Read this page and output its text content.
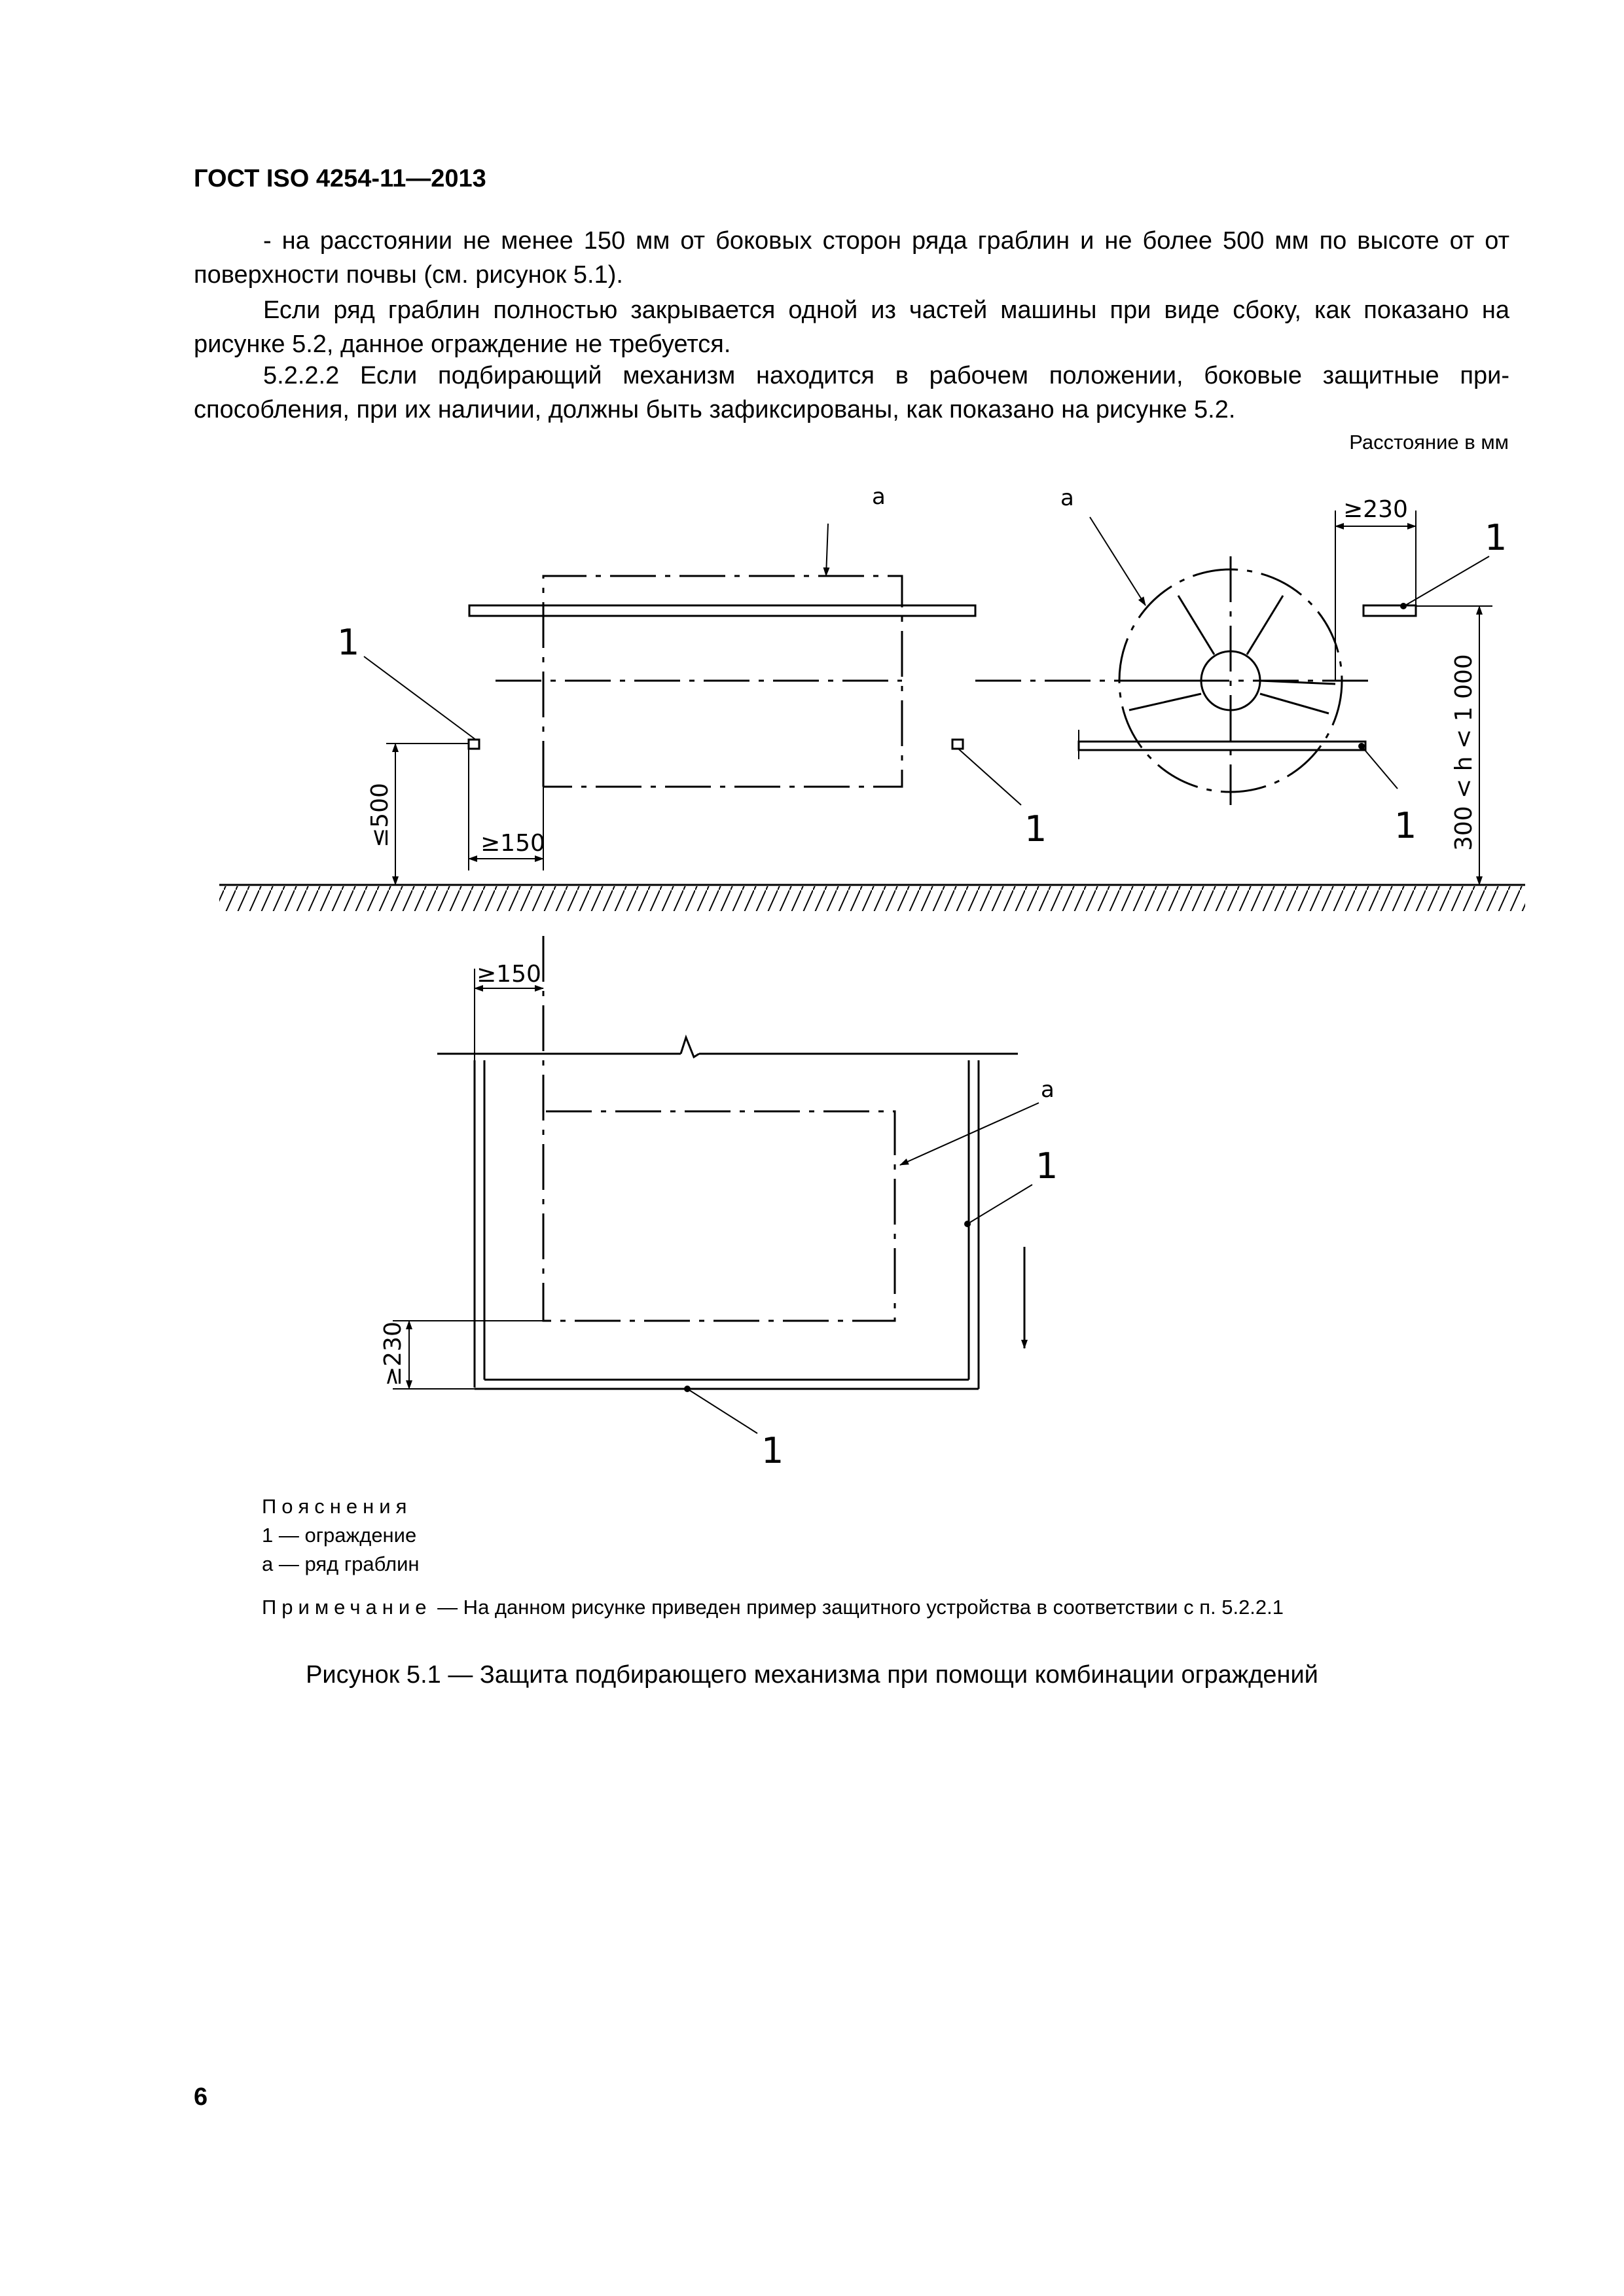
ГОСТ ISO 4254-11—2013
- на расстоянии не менее 150 мм от боковых сторон ряда граблин и не более 500 мм по высоте от от поверхности почвы (см. рисунок 5.1).
Если ряд граблин полностью закрывается одной из частей машины при виде сбоку, как показано на рисунке 5.2, данное ограждение не требуется.
5.2.2.2 Если подбирающий механизм находится в рабочем положении, боковые защитные при-способления, при их наличии, должны быть зафиксированы, как показано на рисунке 5.2.
Расстояние в мм
a	a
a
1
1
1
1
1
1
≥150
≥150
≥230
≤500
≥230
300 < h < 1 000
Пояснения
1 — ограждение
a — ряд граблин
Примечание — На данном рисунке приведен пример защитного устройства в соответствии с п. 5.2.2.1
Рисунок 5.1 — Защита подбирающего механизма при помощи комбинации ограждений
6
